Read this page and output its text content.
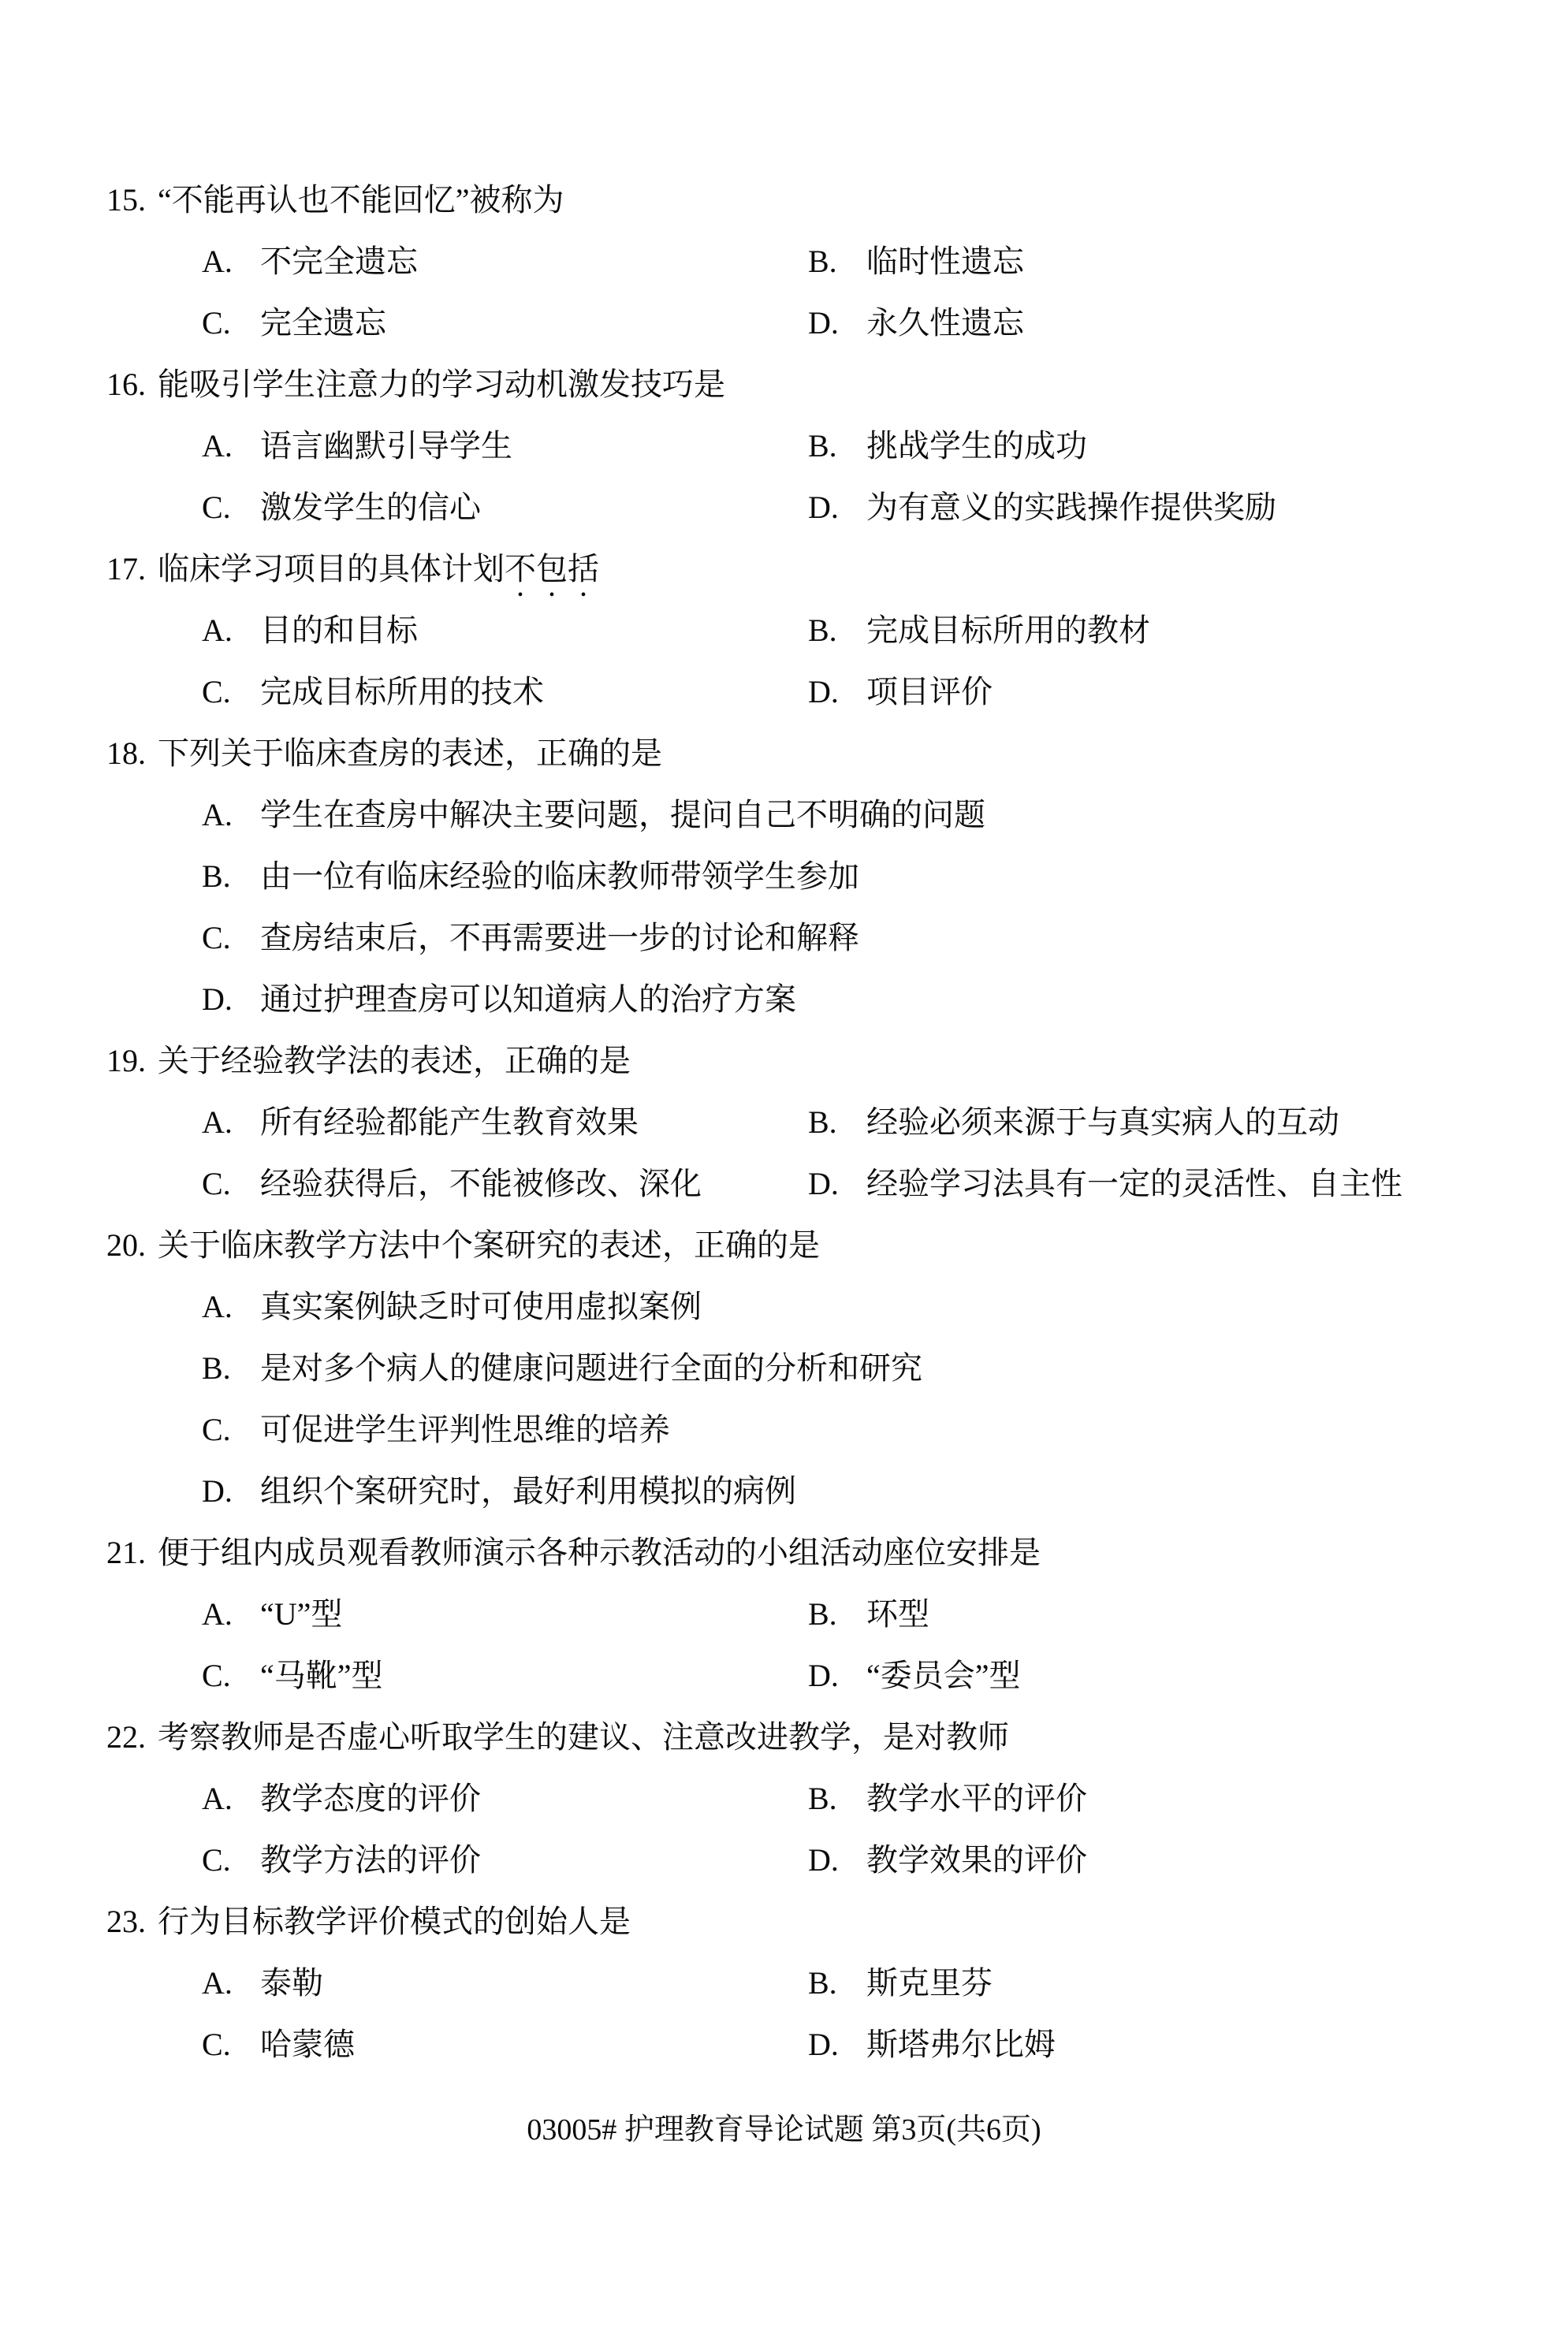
15. “不能再认也不能回忆”被称为
A. 不完全遗忘	B. 临时性遗忘
C. 完全遗忘	D. 永久性遗忘
16. 能吸引学生注意力的学习动机激发技巧是
A. 语言幽默引导学生	B. 挑战学生的成功
C. 激发学生的信心	D. 为有意义的实践操作提供奖励
17. 临床学习项目的具体计划不包括
A. 目的和目标	B. 完成目标所用的教材
C. 完成目标所用的技术	D. 项目评价
18. 下列关于临床查房的表述，正确的是
A. 学生在查房中解决主要问题，提问自己不明确的问题
B. 由一位有临床经验的临床教师带领学生参加
C. 查房结束后，不再需要进一步的讨论和解释
D. 通过护理查房可以知道病人的治疗方案
19. 关于经验教学法的表述，正确的是
A. 所有经验都能产生教育效果	B. 经验必须来源于与真实病人的互动
C. 经验获得后，不能被修改、深化	D. 经验学习法具有一定的灵活性、自主性
20. 关于临床教学方法中个案研究的表述，正确的是
A. 真实案例缺乏时可使用虚拟案例
B. 是对多个病人的健康问题进行全面的分析和研究
C. 可促进学生评判性思维的培养
D. 组织个案研究时，最好利用模拟的病例
21. 便于组内成员观看教师演示各种示教活动的小组活动座位安排是
A. “U”型	B. 环型
C. “马靴”型	D. “委员会”型
22. 考察教师是否虚心听取学生的建议、注意改进教学，是对教师
A. 教学态度的评价	B. 教学水平的评价
C. 教学方法的评价	D. 教学效果的评价
23. 行为目标教学评价模式的创始人是
A. 泰勒	B. 斯克里芬
C. 哈蒙德	D. 斯塔弗尔比姆
03005# 护理教育导论试题 第3页(共6页)
